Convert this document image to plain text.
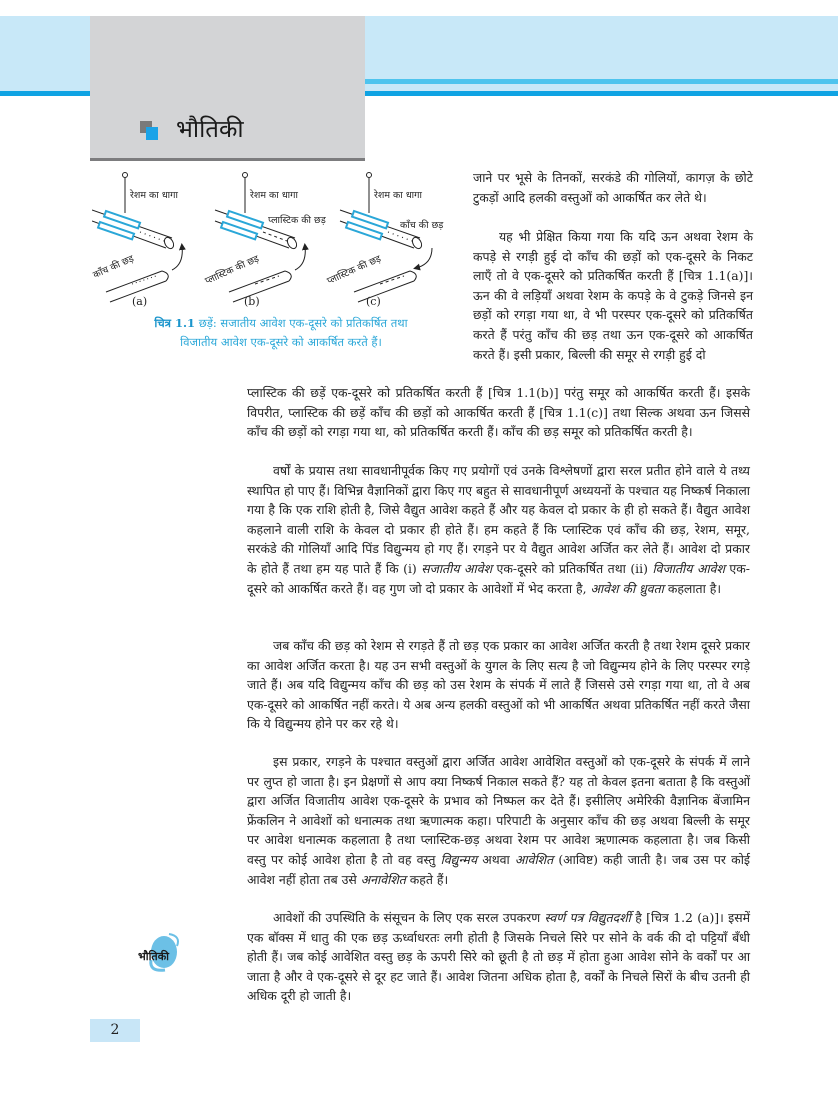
भौतिकी
रेशम का धागा	रेशम का धागा	रेशम का धागा
प्लास्टिक की छड़	काँच की छड़
काँच की छड़	प्लास्टिक की छड़	प्लास्टिक की छड़
(a)	(b)	(c)
चित्र 1.1 छड़ें: सजातीय आवेश एक-दूसरे को प्रतिकर्षित तथा
विजातीय आवेश एक-दूसरे को आकर्षित करते हैं।
जाने पर भूसे के तिनकों, सरकंडे की गोलियों, कागज़ के छोटे टुकड़ों आदि हलकी वस्तुओं को आकर्षित कर लेते थे।
यह भी प्रेक्षित किया गया कि यदि ऊन अथवा रेशम के कपड़े से रगड़ी हुई दो काँच की छड़ों को एक-दूसरे के निकट लाएँ तो वे एक-दूसरे को प्रतिकर्षित करती हैं [चित्र 1.1(a)]। ऊन की वे लड़ियाँ अथवा रेशम के कपड़े के वे टुकड़े जिनसे इन छड़ों को रगड़ा गया था, वे भी परस्पर एक-दूसरे को प्रतिकर्षित करते हैं परंतु काँच की छड़ तथा ऊन एक-दूसरे को आकर्षित करते हैं। इसी प्रकार, बिल्ली की समूर से रगड़ी हुई दो
प्लास्टिक की छड़ें एक-दूसरे को प्रतिकर्षित करती हैं [चित्र 1.1(b)] परंतु समूर को आकर्षित करती हैं। इसके विपरीत, प्लास्टिक की छड़ें काँच की छड़ों को आकर्षित करती हैं [चित्र 1.1(c)] तथा सिल्क अथवा ऊन जिससे काँच की छड़ों को रगड़ा गया था, को प्रतिकर्षित करती हैं। काँच की छड़ समूर को प्रतिकर्षित करती है।
वर्षों के प्रयास तथा सावधानीपूर्वक किए गए प्रयोगों एवं उनके विश्लेषणों द्वारा सरल प्रतीत होने वाले ये तथ्य स्थापित हो पाए हैं। विभिन्न वैज्ञानिकों द्वारा किए गए बहुत से सावधानीपूर्ण अध्ययनों के पश्चात यह निष्कर्ष निकाला गया है कि एक राशि होती है, जिसे वैद्युत आवेश कहते हैं और यह केवल दो प्रकार के ही हो सकते हैं। वैद्युत आवेश कहलाने वाली राशि के केवल दो प्रकार ही होते हैं। हम कहते हैं कि प्लास्टिक एवं काँच की छड़, रेशम, समूर, सरकंडे की गोलियाँ आदि पिंड विद्युन्मय हो गए हैं। रगड़ने पर ये वैद्युत आवेश अर्जित कर लेते हैं। आवेश दो प्रकार के होते हैं तथा हम यह पाते हैं कि (i) सजातीय आवेश एक-दूसरे को प्रतिकर्षित तथा (ii) विजातीय आवेश एक-दूसरे को आकर्षित करते हैं। वह गुण जो दो प्रकार के आवेशों में भेद करता है, आवेश की ध्रुवता कहलाता है।
जब काँच की छड़ को रेशम से रगड़ते हैं तो छड़ एक प्रकार का आवेश अर्जित करती है तथा रेशम दूसरे प्रकार का आवेश अर्जित करता है। यह उन सभी वस्तुओं के युगल के लिए सत्य है जो विद्युन्मय होने के लिए परस्पर रगड़े जाते हैं। अब यदि विद्युन्मय काँच की छड़ को उस रेशम के संपर्क में लाते हैं जिससे उसे रगड़ा गया था, तो वे अब एक-दूसरे को आकर्षित नहीं करते। ये अब अन्य हलकी वस्तुओं को भी आकर्षित अथवा प्रतिकर्षित नहीं करते जैसा कि ये विद्युन्मय होने पर कर रहे थे।
इस प्रकार, रगड़ने के पश्चात वस्तुओं द्वारा अर्जित आवेश आवेशित वस्तुओं को एक-दूसरे के संपर्क में लाने पर लुप्त हो जाता है। इन प्रेक्षणों से आप क्या निष्कर्ष निकाल सकते हैं? यह तो केवल इतना बताता है कि वस्तुओं द्वारा अर्जित विजातीय आवेश एक-दूसरे के प्रभाव को निष्फल कर देते हैं। इसीलिए अमेरिकी वैज्ञानिक बेंजामिन फ्रेंकलिन ने आवेशों को धनात्मक तथा ऋणात्मक कहा। परिपाटी के अनुसार काँच की छड़ अथवा बिल्ली के समूर पर आवेश धनात्मक कहलाता है तथा प्लास्टिक-छड़ अथवा रेशम पर आवेश ऋणात्मक कहलाता है। जब किसी वस्तु पर कोई आवेश होता है तो वह वस्तु विद्युन्मय अथवा आवेशित (आविष्ट) कही जाती है। जब उस पर कोई आवेश नहीं होता तब उसे अनावेशित कहते हैं।
आवेशों की उपस्थिति के संसूचन के लिए एक सरल उपकरण स्वर्ण पत्र विद्युतदर्शी है [चित्र 1.2 (a)]। इसमें एक बॉक्स में धातु की एक छड़ ऊर्ध्वाधरतः लगी होती है जिसके निचले सिरे पर सोने के वर्क की दो पट्टियाँ बँधी होती हैं। जब कोई आवेशित वस्तु छड़ के ऊपरी सिरे को छूती है तो छड़ में होता हुआ आवेश सोने के वर्कों पर आ जाता है और वे एक-दूसरे से दूर हट जाते हैं। आवेश जितना अधिक होता है, वर्कों के निचले सिरों के बीच उतनी ही अधिक दूरी हो जाती है।
भौतिकी
2
